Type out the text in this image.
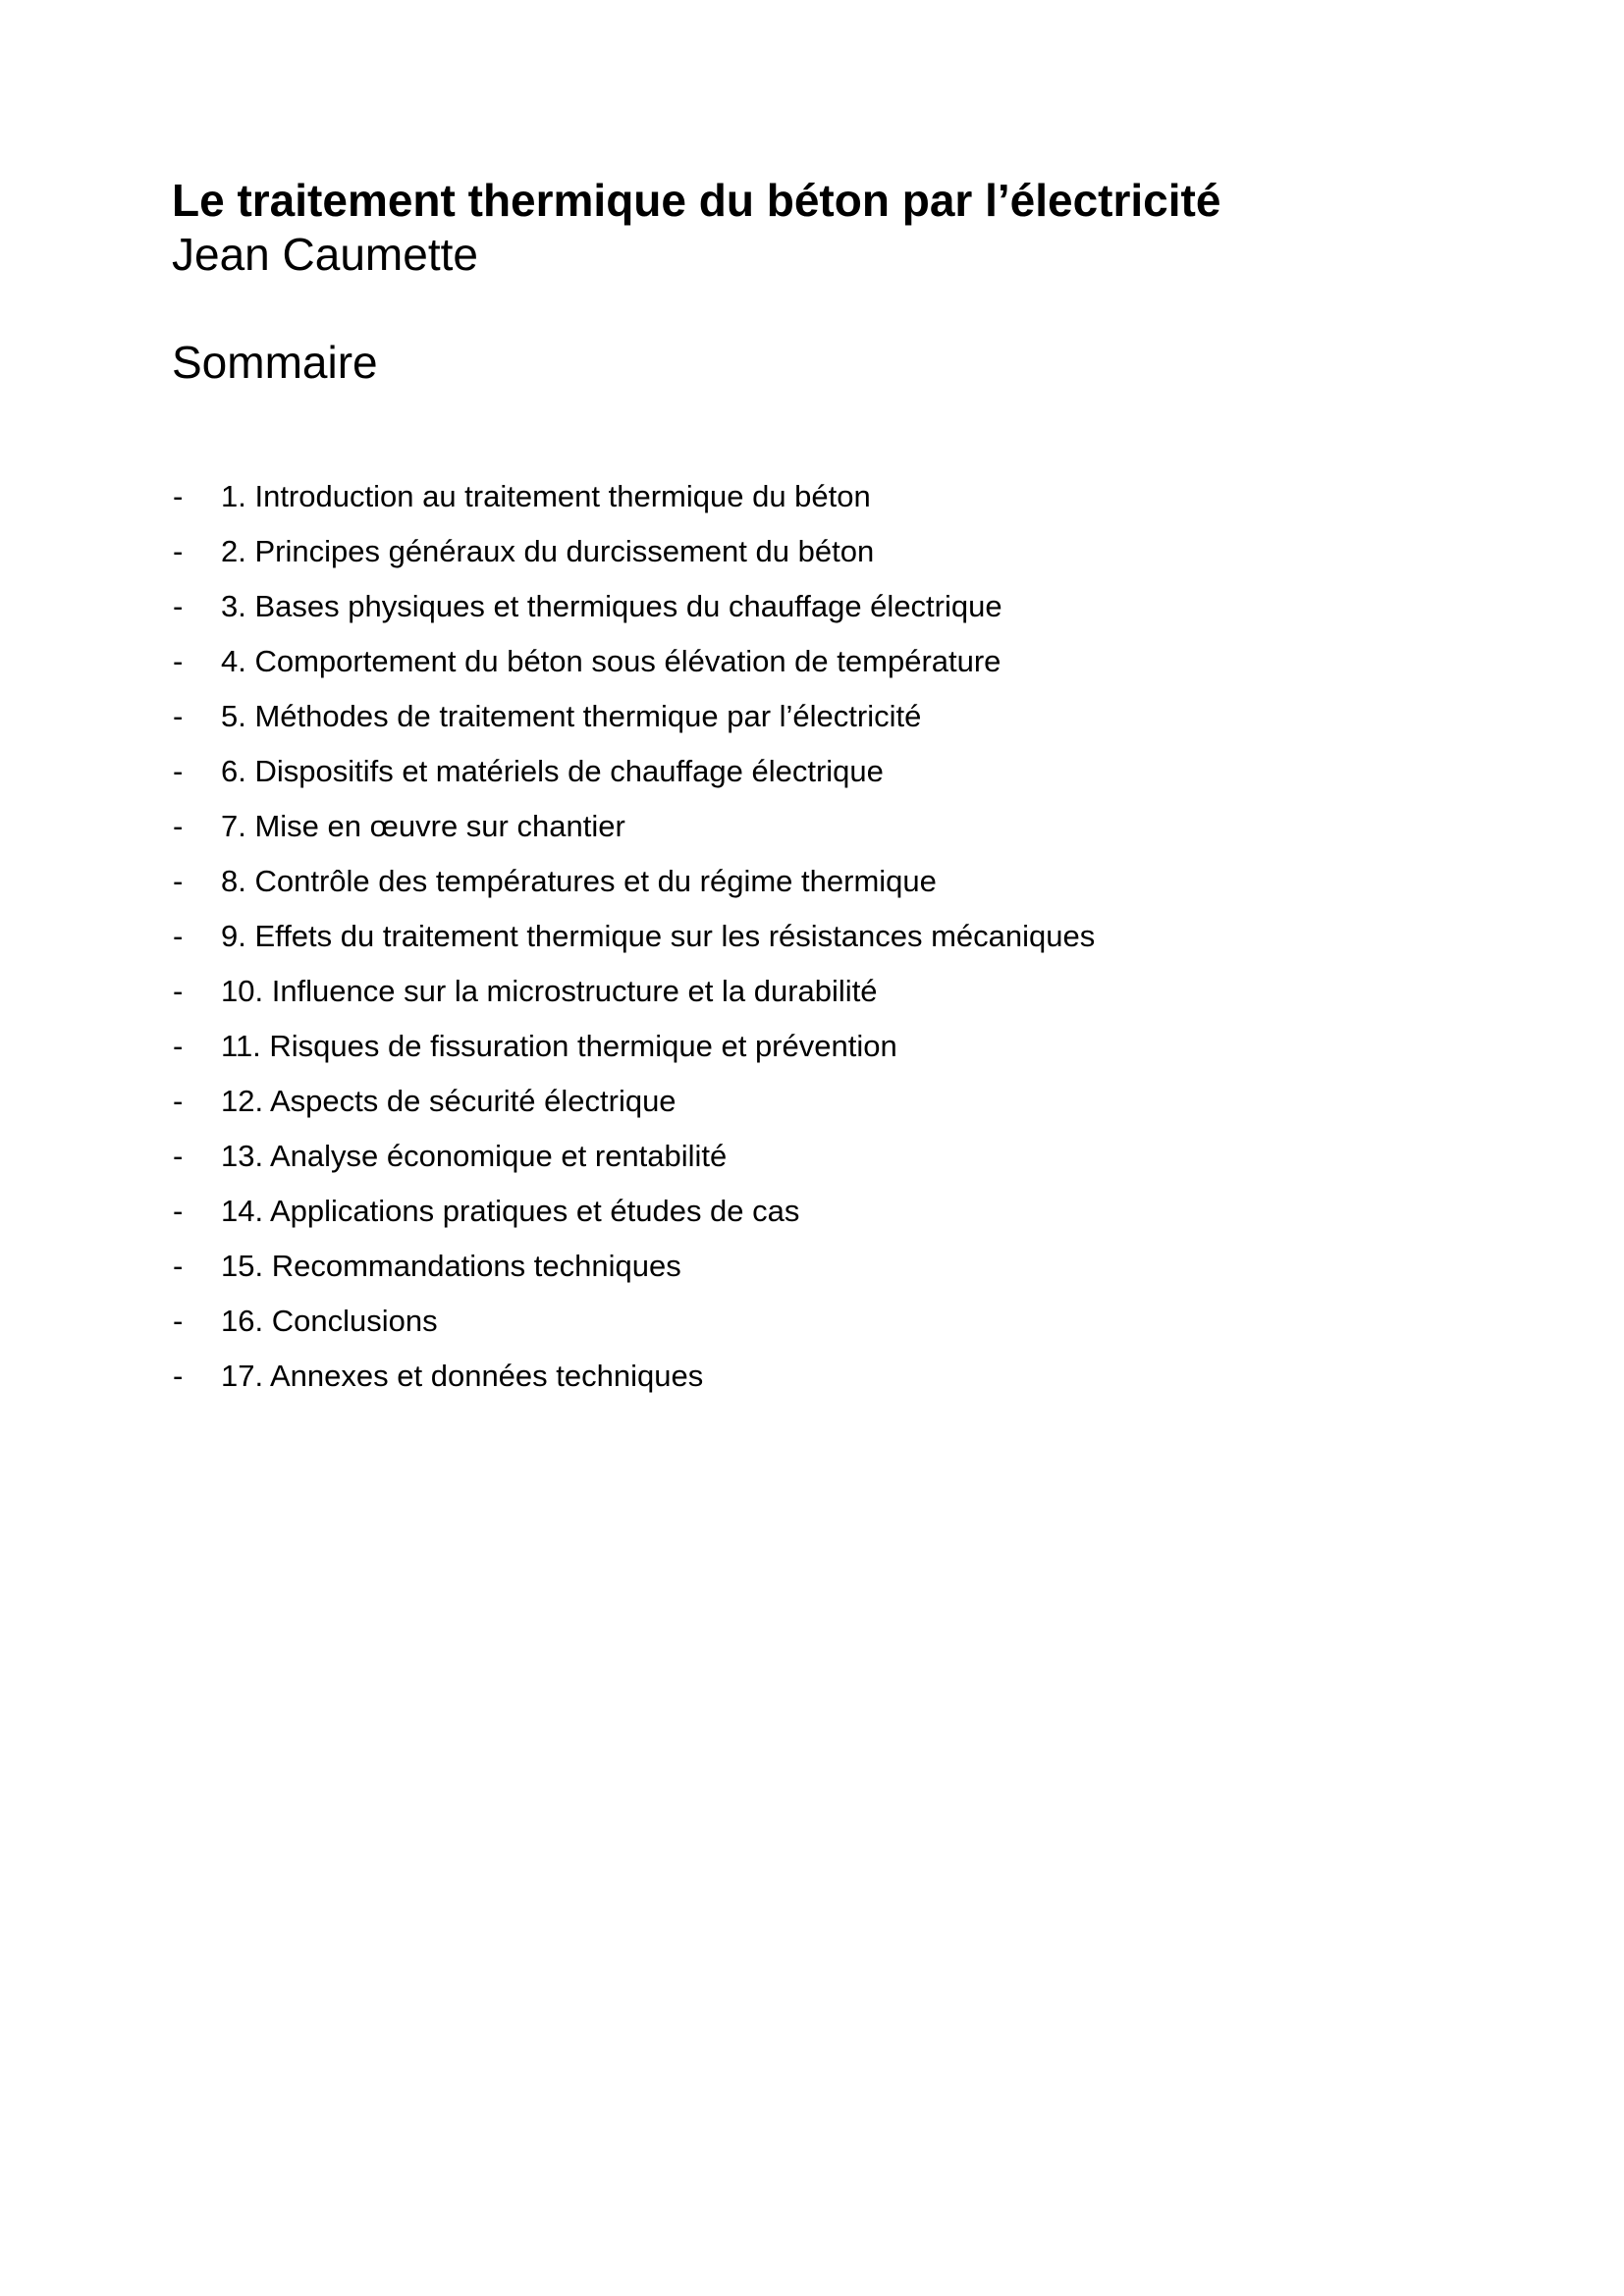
Le traitement thermique du béton par l’électricité
Jean Caumette
Sommaire
- 1. Introduction au traitement thermique du béton
- 2. Principes généraux du durcissement du béton
- 3. Bases physiques et thermiques du chauffage électrique
- 4. Comportement du béton sous élévation de température
- 5. Méthodes de traitement thermique par l’électricité
- 6. Dispositifs et matériels de chauffage électrique
- 7. Mise en œuvre sur chantier
- 8. Contrôle des températures et du régime thermique
- 9. Effets du traitement thermique sur les résistances mécaniques
- 10. Influence sur la microstructure et la durabilité
- 11. Risques de fissuration thermique et prévention
- 12. Aspects de sécurité électrique
- 13. Analyse économique et rentabilité
- 14. Applications pratiques et études de cas
- 15. Recommandations techniques
- 16. Conclusions
- 17. Annexes et données techniques
